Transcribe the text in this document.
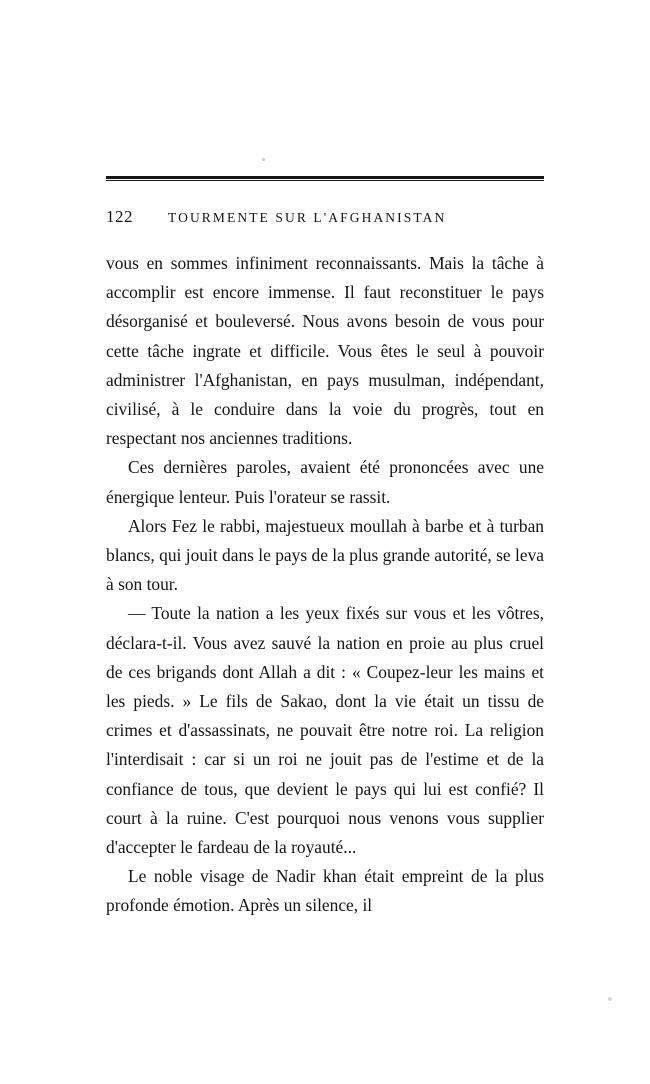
122	TOURMENTE SUR L'AFGHANISTAN

vous en sommes infiniment reconnaissants. Mais la tâche à accomplir est encore immense. Il faut reconstituer le pays désorganisé et bouleversé. Nous avons besoin de vous pour cette tâche ingrate et difficile. Vous êtes le seul à pouvoir administrer l'Afghanistan, en pays musulman, indépendant, civilisé, à le conduire dans la voie du progrès, tout en respectant nos anciennes traditions.

Ces dernières paroles, avaient été prononcées avec une énergique lenteur. Puis l'orateur se rassit.

Alors Fez le rabbi, majestueux moullah à barbe et à turban blancs, qui jouit dans le pays de la plus grande autorité, se leva à son tour.

— Toute la nation a les yeux fixés sur vous et les vôtres, déclara-t-il. Vous avez sauvé la nation en proie au plus cruel de ces brigands dont Allah a dit : « Coupez-leur les mains et les pieds. » Le fils de Sakao, dont la vie était un tissu de crimes et d'assassinats, ne pouvait être notre roi. La religion l'interdisait : car si un roi ne jouit pas de l'estime et de la confiance de tous, que devient le pays qui lui est confié? Il court à la ruine. C'est pourquoi nous venons vous supplier d'accepter le fardeau de la royauté...

Le noble visage de Nadir khan était empreint de la plus profonde émotion. Après un silence, il
